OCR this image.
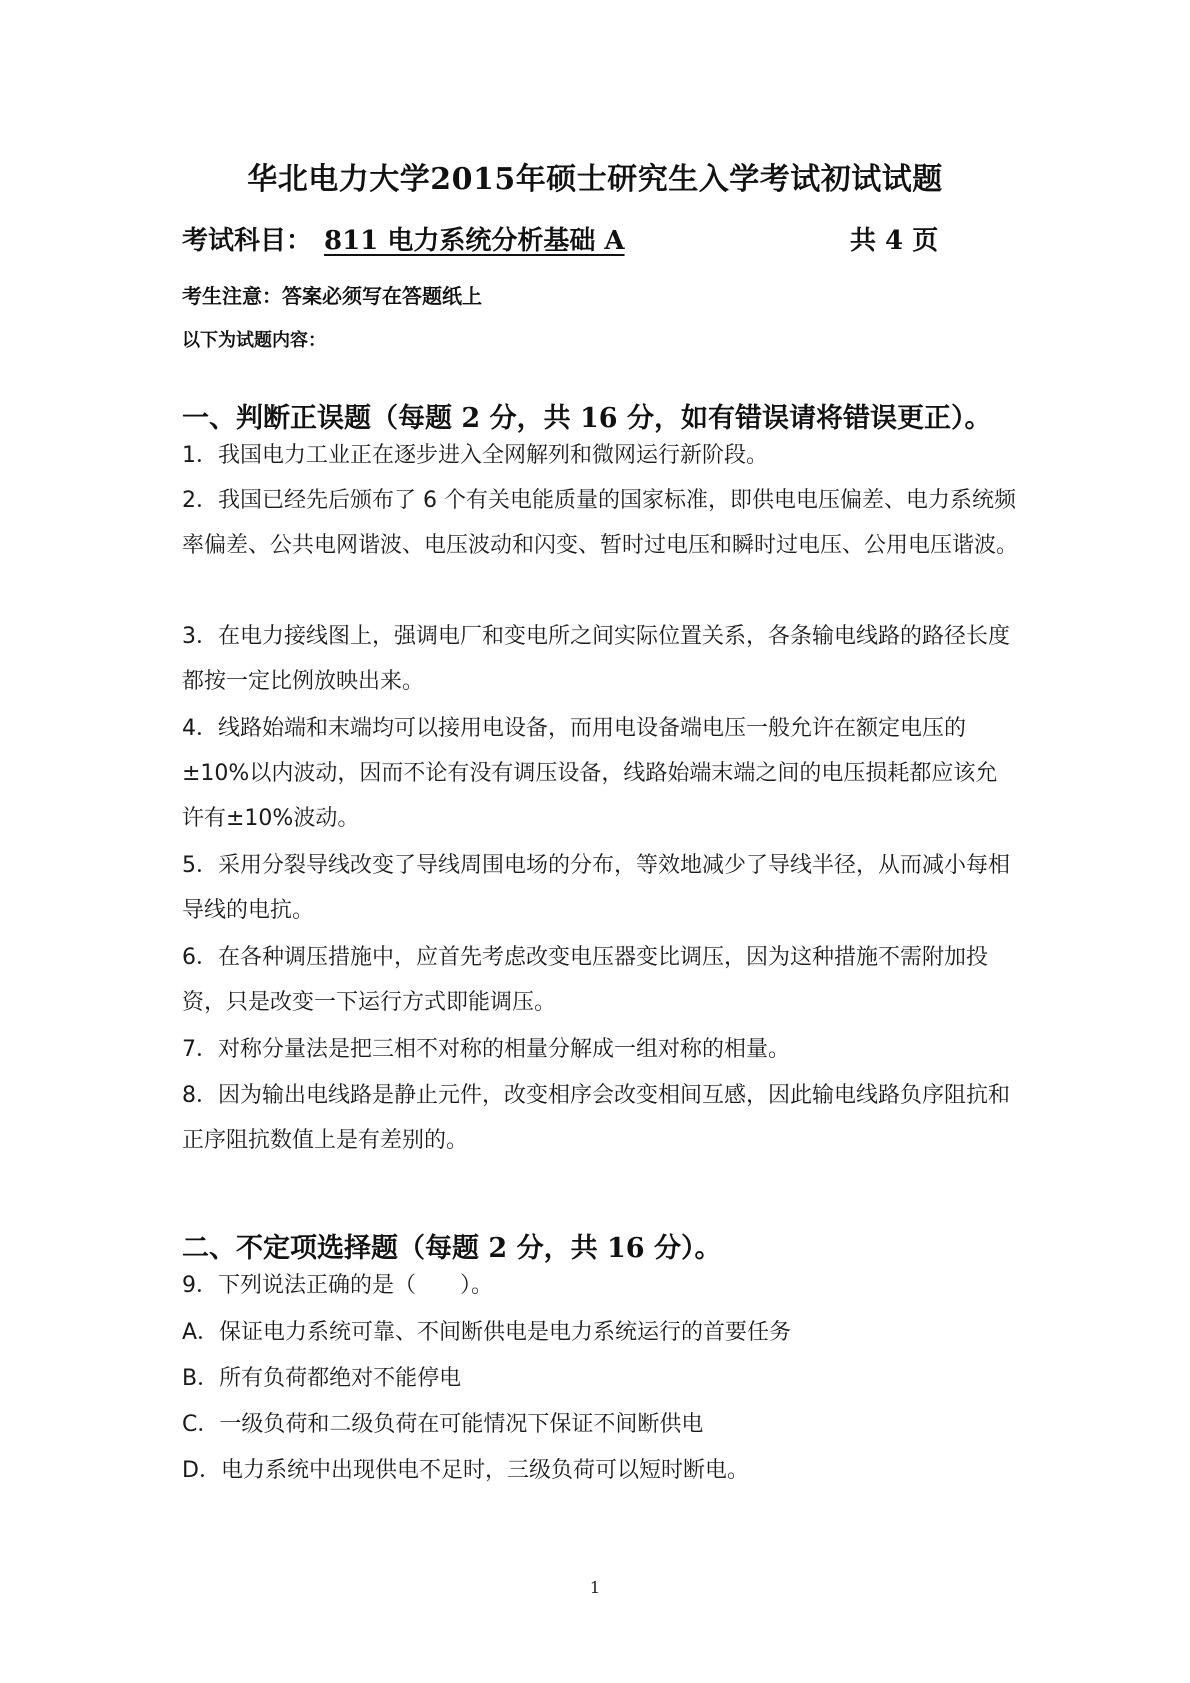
华北电力大学2015年硕士研究生入学考试初试试题
考试科目： 811 电力系统分析基础 A	共 4 页
考生注意：答案必须写在答题纸上
以下为试题内容：
一、判断正误题（每题 2 分，共 16 分，如有错误请将错误更正）。
1．我国电力工业正在逐步进入全网解列和微网运行新阶段。
2．我国已经先后颁布了 6 个有关电能质量的国家标准，即供电电压偏差、电力系统频率偏差、公共电网谐波、电压波动和闪变、暂时过电压和瞬时过电压、公用电压谐波。
3．在电力接线图上，强调电厂和变电所之间实际位置关系，各条输电线路的路径长度都按一定比例放映出来。
4．线路始端和末端均可以接用电设备，而用电设备端电压一般允许在额定电压的±10%以内波动，因而不论有没有调压设备，线路始端末端之间的电压损耗都应该允许有±10%波动。
5．采用分裂导线改变了导线周围电场的分布，等效地减少了导线半径，从而减小每相导线的电抗。
6．在各种调压措施中，应首先考虑改变电压器变比调压，因为这种措施不需附加投资，只是改变一下运行方式即能调压。
7．对称分量法是把三相不对称的相量分解成一组对称的相量。
8．因为输出电线路是静止元件，改变相序会改变相间互感，因此输电线路负序阻抗和正序阻抗数值上是有差别的。
二、不定项选择题（每题 2 分，共 16 分）。
9．下列说法正确的是（　　）。
A．保证电力系统可靠、不间断供电是电力系统运行的首要任务
B．所有负荷都绝对不能停电
C．一级负荷和二级负荷在可能情况下保证不间断供电
D．电力系统中出现供电不足时，三级负荷可以短时断电。
1
